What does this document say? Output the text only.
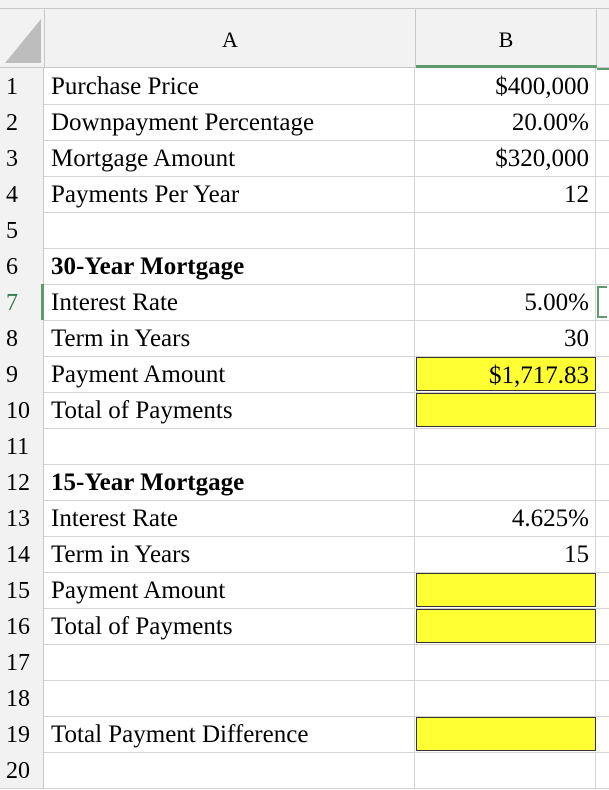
A	B
1	Purchase Price	$400,000
2	Downpayment Percentage	20.00%
3	Mortgage Amount	$320,000
4	Payments Per Year	12
5
6	30-Year Mortgage
7	Interest Rate	5.00%
8	Term in Years	30
9	Payment Amount	$1,717.83
10 Total of Payments
11
12 15-Year Mortgage
13 Interest Rate	4.625%
14 Term in Years	15
15 Payment Amount
16 Total of Payments
17
18
19 Total Payment Difference
20
